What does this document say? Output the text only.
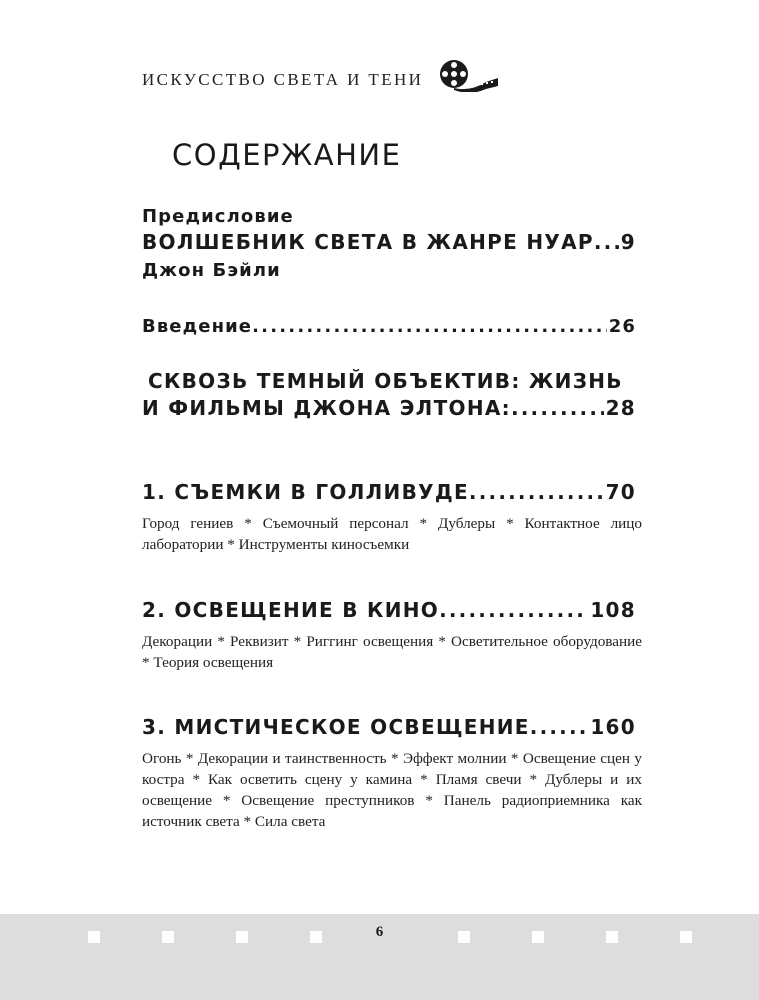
ИСКУССТВО СВЕТА И ТЕНИ
СОДЕРЖАНИЕ
Предисловие
ВОЛШЕБНИК СВЕТА В ЖАНРЕ НУАР ..... 9
Джон Бэйли
Введение .....	26
СКВОЗЬ ТЕМНЫЙ ОБЪЕКТИВ: ЖИЗНЬ
И ФИЛЬМЫ ДЖОНА ЭЛТОНА: .....	28
1. СЪЕМКИ В ГОЛЛИВУДЕ .....	70
Город гениев * Съемочный персонал * Дублеры * Контактное лицо лаборатории * Инструменты киносъемки
2. ОСВЕЩЕНИЕ В КИНО .....	108
Декорации * Реквизит * Риггинг освещения * Осветительное оборудование * Теория освещения
3. МИСТИЧЕСКОЕ ОСВЕЩЕНИЕ .....	160
Огонь * Декорации и таинственность * Эффект молнии * Освещение сцен у костра * Как осветить сцену у камина * Пламя свечи * Дублеры и их освещение * Освещение преступников * Панель радиоприемника как источник света * Сила света
6
